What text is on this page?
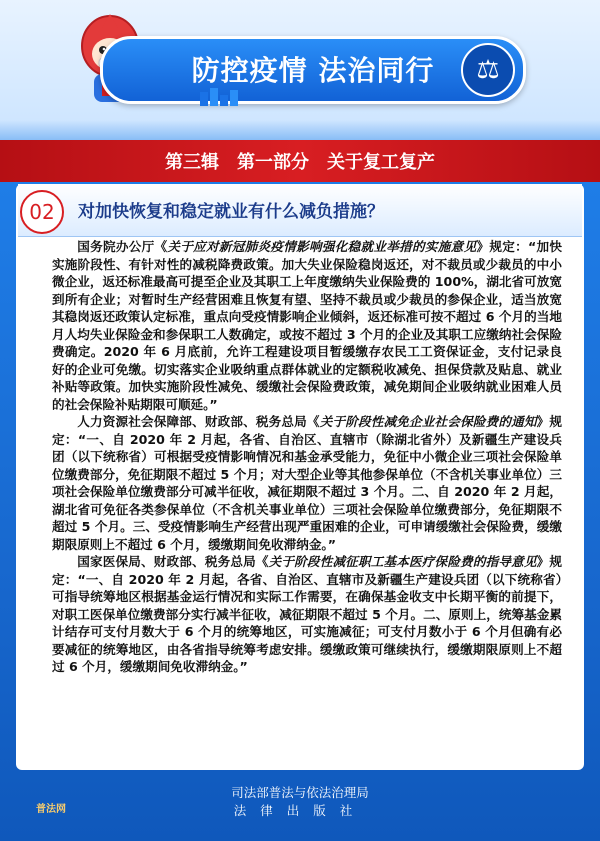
防控疫情 法治同行	⚖
第三辑　第一部分　关于复工复产
02	对加快恢复和稳定就业有什么减负措施？

国务院办公厅《关于应对新冠肺炎疫情影响强化稳就业举措的实施意见》规定：“加快实施阶段性、有针对性的减税降费政策。加大失业保险稳岗返还，对不裁员或少裁员的中小微企业，返还标准最高可提至企业及其职工上年度缴纳失业保险费的 100%，湖北省可放宽到所有企业；对暂时生产经营困难且恢复有望、坚持不裁员或少裁员的参保企业，适当放宽其稳岗返还政策认定标准，重点向受疫情影响企业倾斜，返还标准可按不超过 6 个月的当地月人均失业保险金和参保职工人数确定，或按不超过 3 个月的企业及其职工应缴纳社会保险费确定。2020 年 6 月底前，允许工程建设项目暂缓缴存农民工工资保证金，支付记录良好的企业可免缴。切实落实企业吸纳重点群体就业的定额税收减免、担保贷款及贴息、就业补贴等政策。加快实施阶段性减免、缓缴社会保险费政策，减免期间企业吸纳就业困难人员的社会保险补贴期限可顺延。”

人力资源社会保障部、财政部、税务总局《关于阶段性减免企业社会保险费的通知》规定：“一、自 2020 年 2 月起，各省、自治区、直辖市（除湖北省外）及新疆生产建设兵团（以下统称省）可根据受疫情影响情况和基金承受能力，免征中小微企业三项社会保险单位缴费部分，免征期限不超过 5 个月；对大型企业等其他参保单位（不含机关事业单位）三项社会保险单位缴费部分可减半征收，减征期限不超过 3 个月。二、自 2020 年 2 月起，湖北省可免征各类参保单位（不含机关事业单位）三项社会保险单位缴费部分，免征期限不超过 5 个月。三、受疫情影响生产经营出现严重困难的企业，可申请缓缴社会保险费，缓缴期限原则上不超过 6 个月，缓缴期间免收滞纳金。”

国家医保局、财政部、税务总局《关于阶段性减征职工基本医疗保险费的指导意见》规定：“一、自 2020 年 2 月起，各省、自治区、直辖市及新疆生产建设兵团（以下统称省）可指导统筹地区根据基金运行情况和实际工作需要，在确保基金收支中长期平衡的前提下，对职工医保单位缴费部分实行减半征收，减征期限不超过 5 个月。二、原则上，统筹基金累计结存可支付月数大于 6 个月的统筹地区，可实施减征；可支付月数小于 6 个月但确有必要减征的统筹地区，由各省指导统筹考虑安排。缓缴政策可继续执行，缓缴期限原则上不超过 6 个月，缓缴期间免收滞纳金。”

普法网
司法部普法与依法治理局
法律出版社
